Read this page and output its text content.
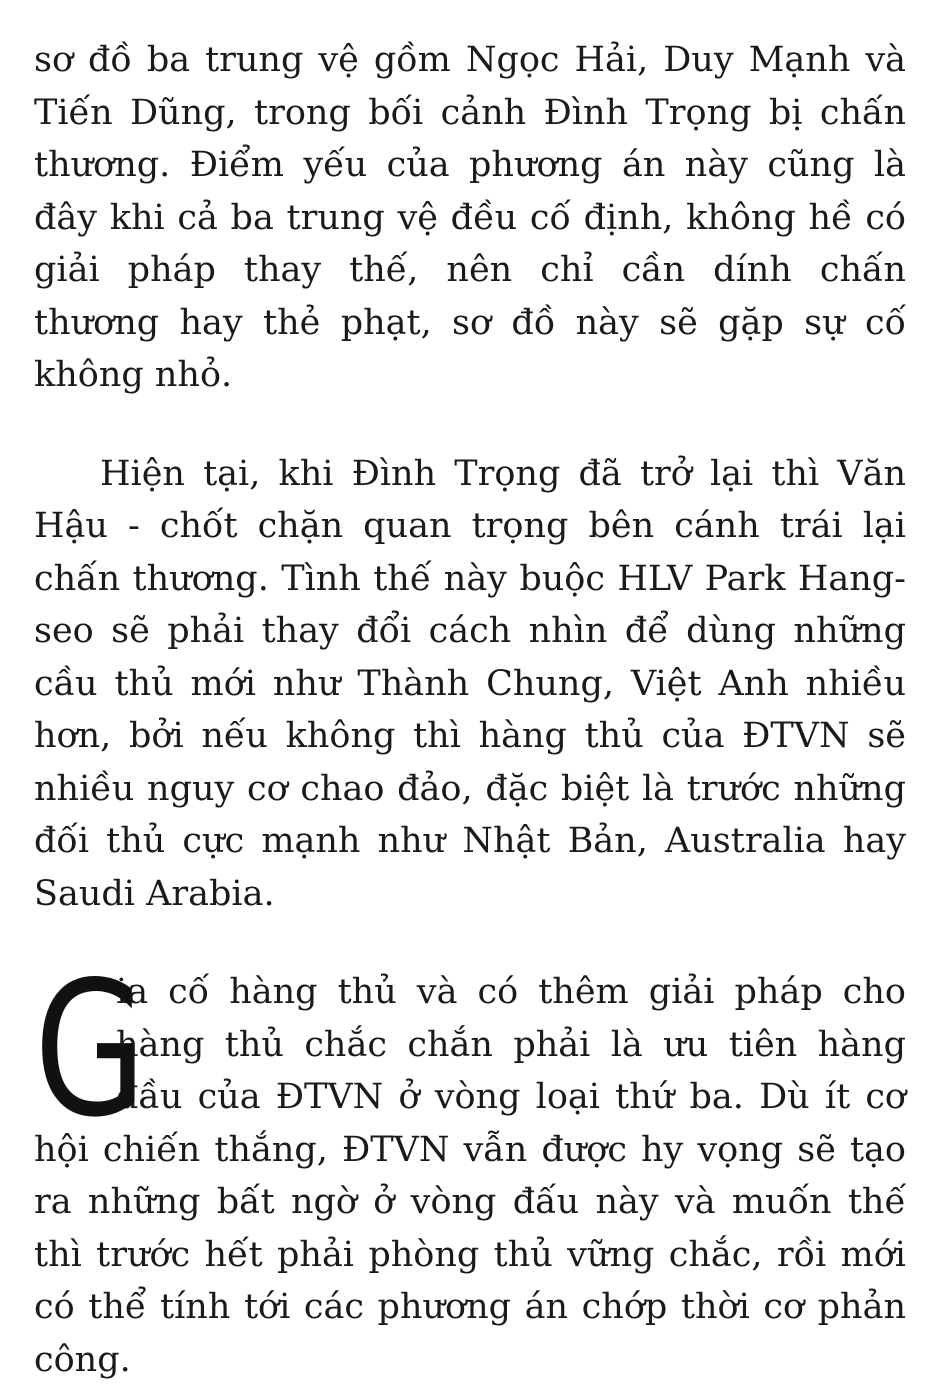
sơ đồ ba trung vệ gồm Ngọc Hải, Duy Mạnh và Tiến Dũng, trong bối cảnh Đình Trọng bị chấn thương. Điểm yếu của phương án này cũng là đây khi cả ba trung vệ đều cố định, không hề có giải pháp thay thế, nên chỉ cần dính chấn thương hay thẻ phạt, sơ đồ này sẽ gặp sự cố không nhỏ.

Hiện tại, khi Đình Trọng đã trở lại thì Văn Hậu - chốt chặn quan trọng bên cánh trái lại chấn thương. Tình thế này buộc HLV Park Hang-seo sẽ phải thay đổi cách nhìn để dùng những cầu thủ mới như Thành Chung, Việt Anh nhiều hơn, bởi nếu không thì hàng thủ của ĐTVN sẽ nhiều nguy cơ chao đảo, đặc biệt là trước những đối thủ cực mạnh như Nhật Bản, Australia hay Saudi Arabia.

G
ia cố hàng thủ và có thêm giải pháp cho hàng thủ chắc chắn phải là ưu tiên hàng đầu của ĐTVN ở vòng loại thứ ba. Dù ít cơ hội chiến thắng, ĐTVN vẫn được hy vọng sẽ tạo ra những bất ngờ ở vòng đấu này và muốn thế thì trước hết phải phòng thủ vững chắc, rồi mới có thể tính tới các phương án chớp thời cơ phản công.
